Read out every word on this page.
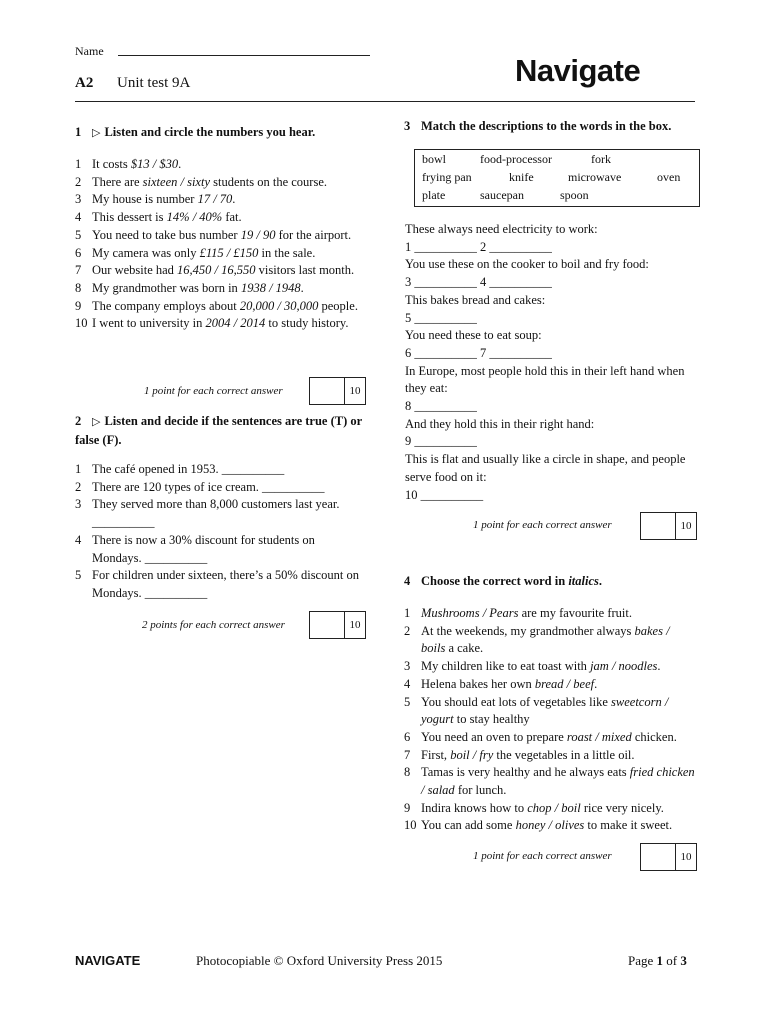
Name
A2 Unit test 9A	Navigate
1 ▷ Listen and circle the numbers you hear.
1 It costs $13 / $30.
2 There are sixteen / sixty students on the course.
3 My house is number 17 / 70.
4 This dessert is 14% / 40% fat.
5 You need to take bus number 19 / 90 for the airport.
6 My camera was only £115 / £150 in the sale.
7 Our website had 16,450 / 16,550 visitors last month.
8 My grandmother was born in 1938 / 1948.
9 The company employs about 20,000 / 30,000 people.
10 I went to university in 2004 / 2014 to study history.
1 point for each correct answer	10
2 ▷ Listen and decide if the sentences are true (T) or false (F).
1 The café opened in 1953. __________
2 There are 120 types of ice cream. __________
3 They served more than 8,000 customers last year. __________
4 There is now a 30% discount for students on Mondays. __________
5 For children under sixteen, there’s a 50% discount on Mondays. __________
2 points for each correct answer	10
3 Match the descriptions to the words in the box.
bowl	food-processor	fork
frying pan	knife	microwave	oven
plate	saucepan	spoon
These always need electricity to work:
1 __________ 2 __________
You use these on the cooker to boil and fry food:
3 __________ 4 __________
This bakes bread and cakes:
5 __________
You need these to eat soup:
6 __________ 7 __________
In Europe, most people hold this in their left hand when they eat:
8 __________
And they hold this in their right hand:
9 __________
This is flat and usually like a circle in shape, and people serve food on it:
10 __________
1 point for each correct answer	10
4 Choose the correct word in italics.
1 Mushrooms / Pears are my favourite fruit.
2 At the weekends, my grandmother always bakes / boils a cake.
3 My children like to eat toast with jam / noodles.
4 Helena bakes her own bread / beef.
5 You should eat lots of vegetables like sweetcorn / yogurt to stay healthy
6 You need an oven to prepare roast / mixed chicken.
7 First, boil / fry the vegetables in a little oil.
8 Tamas is very healthy and he always eats fried chicken / salad for lunch.
9 Indira knows how to chop / boil rice very nicely.
10 You can add some honey / olives to make it sweet.
1 point for each correct answer	10
NAVIGATE	Photocopiable © Oxford University Press 2015	Page 1 of 3
